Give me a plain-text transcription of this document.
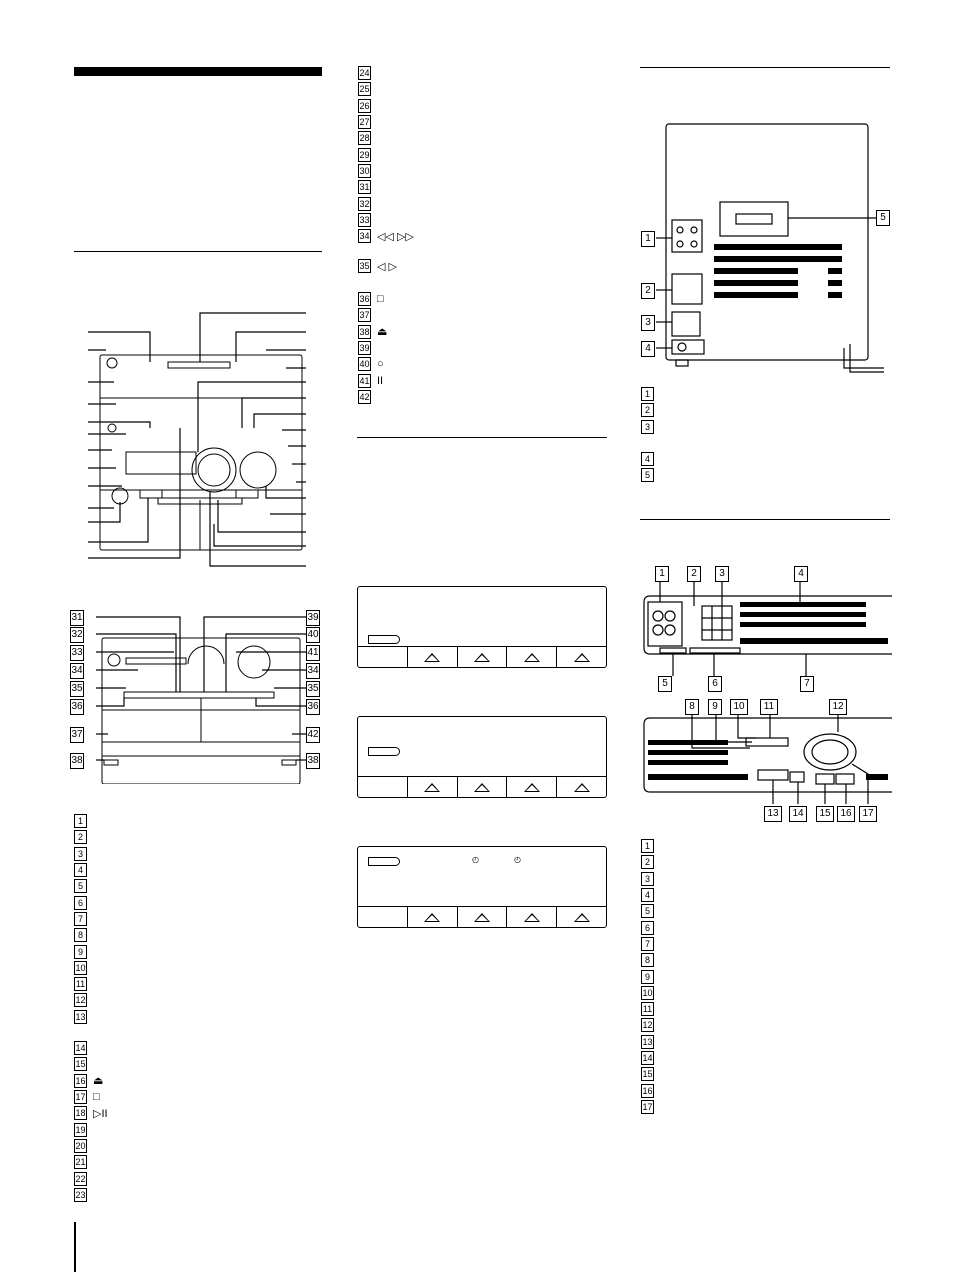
31
32
33
34
35
36
37
38
39
40
41
34
35
36
42
38
1
2
3
4
5
6
7
8
9
10
11
12
13
14
15
16 ⏏
17 □
18 ▷II
19
20
21
22
23
24
25
26
27
28
29
30
31
32
33
34 ◁◁ ▷▷
35 ◁ ▷
36 □
37
38 ⏏
39
40 ○
41 II
42
◴	◴
1
2
3
4
5
1
2
3
4
5
1	2	3	4
5	6	7
8	9	10	11	12
13	14	15 16	17
1
2
3
4
5
6
7
8
9
10
11
12
13
14
15
16
17
